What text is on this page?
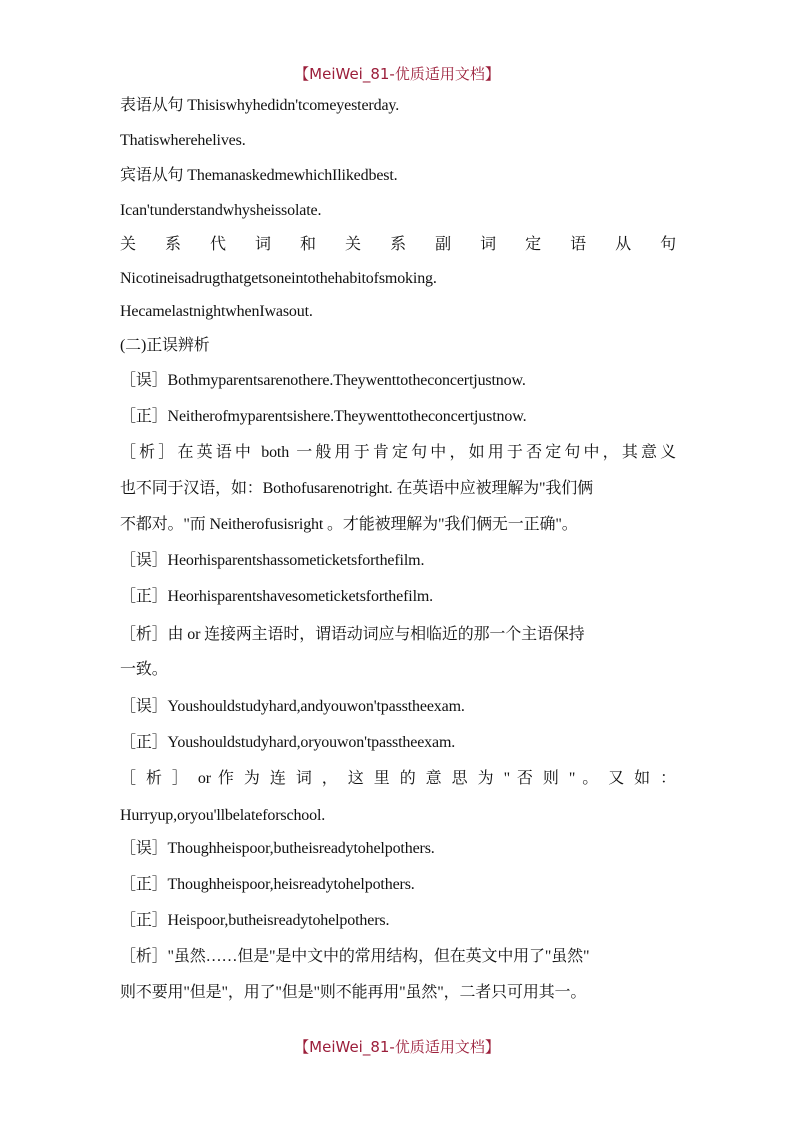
【MeiWei_81-优质适用文档】
表语从句 Thisiswhyhedidn'tcomeyesterday.
Thatiswherehelives.
宾语从句 ThemanaskedmewhichIlikedbest.
Ican'tunderstandwhysheissolate.
关 系 代 词 和 关 系 副 词 定 语 从 句
Nicotineisadrugthatgetsoneintothehabitofsmoking.
HecamelastnightwhenIwasout.
(二)正误辨析
［误］Bothmyparentsarenothere.Theywenttotheconcertjustnow.
［正］Neitherofmyparentsishere.Theywenttotheconcertjustnow.
［析］在英语中 both 一般用于肯定句中，如用于否定句中，其意义
也不同于汉语，如：Bothofusarenotright. 在英语中应被理解为"我们俩
不都对。"而 Neitherofusisright 。才能被理解为"我们俩无一正确"。
［误］Heorhisparentshassometicketsforthefilm.
［正］Heorhisparentshavesometicketsforthefilm.
［析］由 or 连接两主语时，谓语动词应与相临近的那一个主语保持
一致。
［误］Youshouldstudyhard,andyouwon'tpasstheexam.
［正］Youshouldstudyhard,oryouwon'tpasstheexam.
［ 析 ］ or 作 为 连 词 ， 这 里 的 意 思 为 " 否 则 " 。 又 如 ：
Hurryup,oryou'llbelateforschool.
［误］Thoughheispoor,butheisreadytohelpothers.
［正］Thoughheispoor,heisreadytohelpothers.
［正］Heispoor,butheisreadytohelpothers.
［析］"虽然……但是"是中文中的常用结构，但在英文中用了"虽然"
则不要用"但是"，用了"但是"则不能再用"虽然"，二者只可用其一。
【MeiWei_81-优质适用文档】
